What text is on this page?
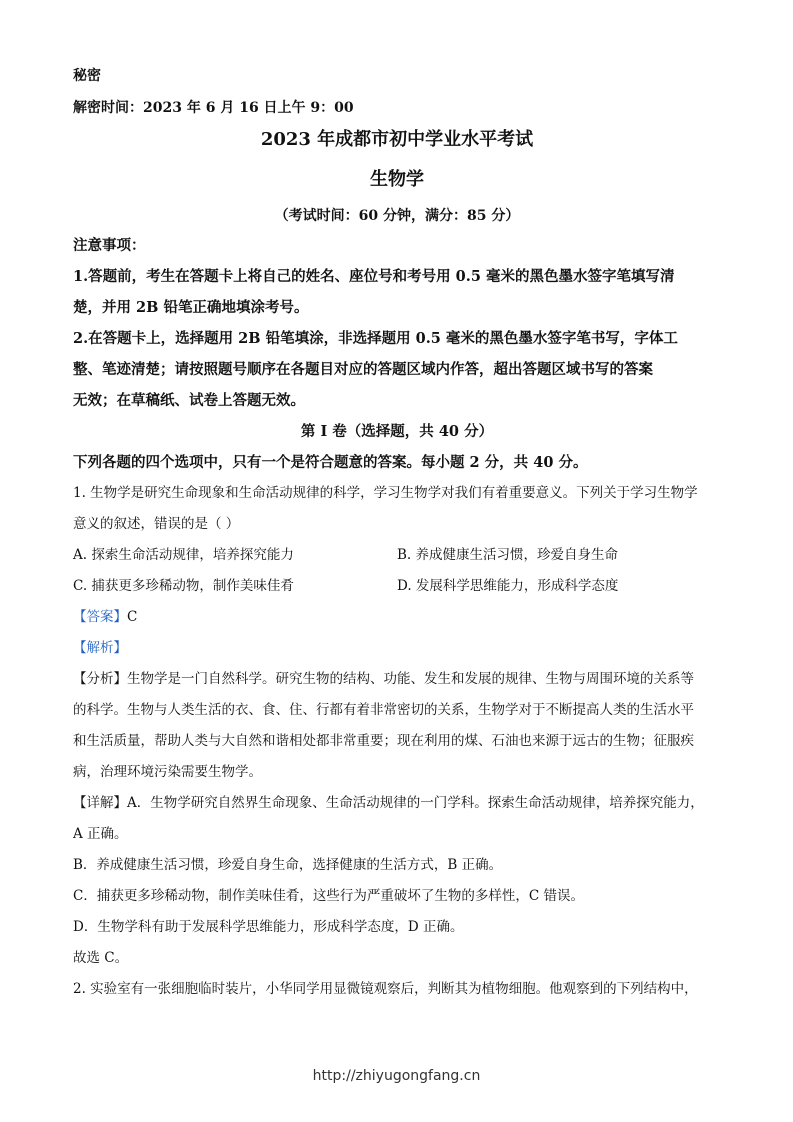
秘密
解密时间：2023 年 6 月 16 日上午 9：00
2023 年成都市初中学业水平考试
生物学
（考试时间：60 分钟，满分：85 分）
注意事项：
1.答题前，考生在答题卡上将自己的姓名、座位号和考号用 0.5 毫米的黑色墨水签字笔填写清
楚，并用 2B 铅笔正确地填涂考号。
2.在答题卡上，选择题用 2B 铅笔填涂，非选择题用 0.5 毫米的黑色墨水签字笔书写，字体工
整、笔迹清楚；请按照题号顺序在各题目对应的答题区域内作答，超出答题区域书写的答案
无效；在草稿纸、试卷上答题无效。
第 I 卷（选择题，共 40 分）
下列各题的四个选项中，只有一个是符合题意的答案。每小题 2 分，共 40 分。
1. 生物学是研究生命现象和生命活动规律的科学，学习生物学对我们有着重要意义。下列关于学习生物学
意义的叙述，错误的是（ ）
A. 探索生命活动规律，培养探究能力	B. 养成健康生活习惯，珍爱自身生命
C. 捕获更多珍稀动物，制作美味佳肴	D. 发展科学思维能力，形成科学态度
【答案】C
【解析】
【分析】生物学是一门自然科学。研究生物的结构、功能、发生和发展的规律、生物与周围环境的关系等
的科学。生物与人类生活的衣、食、住、行都有着非常密切的关系，生物学对于不断提高人类的生活水平
和生活质量，帮助人类与大自然和谐相处都非常重要；现在利用的煤、石油也来源于远古的生物；征服疾
病，治理环境污染需要生物学。
【详解】A．生物学研究自然界生命现象、生命活动规律的一门学科。探索生命活动规律，培养探究能力，
A 正确。
B．养成健康生活习惯，珍爱自身生命，选择健康的生活方式，B 正确。
C．捕获更多珍稀动物，制作美味佳肴，这些行为严重破坏了生物的多样性，C 错误。
D．生物学科有助于发展科学思维能力，形成科学态度，D 正确。
故选 C。
2. 实验室有一张细胞临时装片，小华同学用显微镜观察后，判断其为植物细胞。他观察到的下列结构中，
http://zhiyugongfang.cn
